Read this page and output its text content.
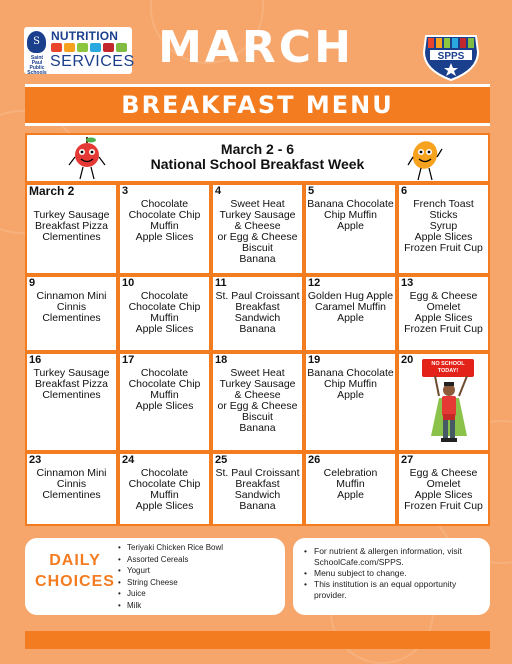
S
Saint Paul Public Schools
NUTRITION
SERVICES MARCH	SPPS
BREAKFAST MENU
March 2 - 6
National School Breakfast Week
March 2
Turkey Sausage
Breakfast Pizza
Clementines
3
Chocolate
Chocolate Chip
Muffin
Apple Slices
4
Sweet Heat
Turkey Sausage
& Cheese
or Egg & Cheese
Biscuit
Banana
5
Banana Chocolate
Chip Muffin
Apple
6
French Toast
Sticks
Syrup
Apple Slices
Frozen Fruit Cup
9
Cinnamon Mini
Cinnis
Clementines
10
Chocolate
Chocolate Chip
Muffin
Apple Slices
11
St. Paul Croissant
Breakfast
Sandwich
Banana
12
Golden Hug Apple
Caramel Muffin
Apple
13
Egg & Cheese
Omelet
Apple Slices
Frozen Fruit Cup
16
Turkey Sausage
Breakfast Pizza
Clementines
17
Chocolate
Chocolate Chip
Muffin
Apple Slices
18
Sweet Heat
Turkey Sausage
& Cheese
or Egg & Cheese
Biscuit
Banana
19
Banana Chocolate
Chip Muffin
Apple
20	NO SCHOOL TODAY!
23
Cinnamon Mini
Cinnis
Clementines
24
Chocolate
Chocolate Chip
Muffin
Apple Slices
25
St. Paul Croissant
Breakfast
Sandwich
Banana
26
Celebration
Muffin
Apple
27
Egg & Cheese
Omelet
Apple Slices
Frozen Fruit Cup
DAILY
CHOICES
• Teriyaki Chicken Rice Bowl
• Assorted Cereals
• Yogurt
• String Cheese
• Juice
• Milk
• For nutrient & allergen information, visit SchoolCafe.com/SPPS.
• Menu subject to change.
• This institution is an equal opportunity provider.
